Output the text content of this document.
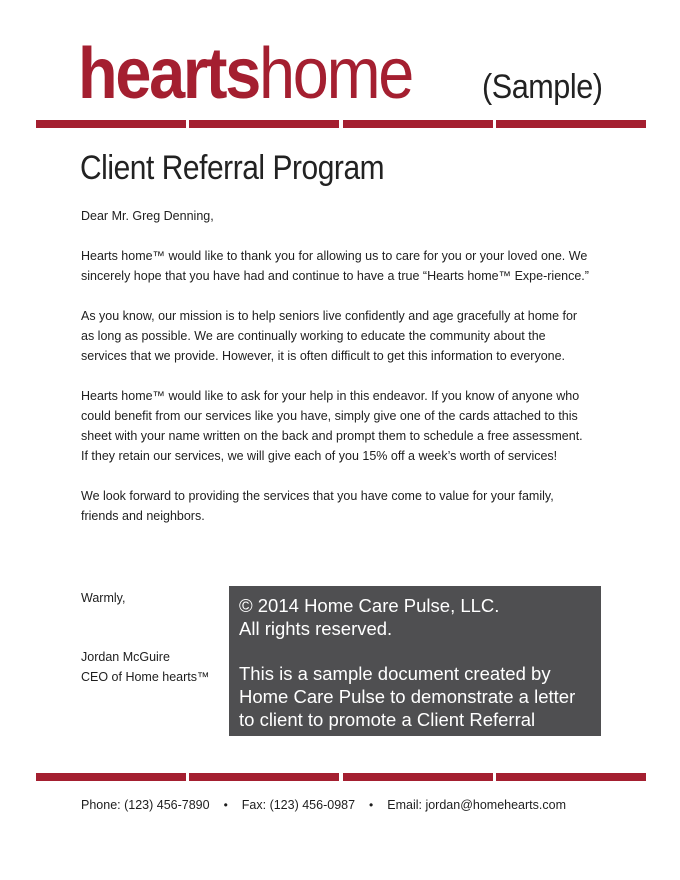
heartshome (Sample)
Client Referral Program

Dear Mr. Greg Denning,

Hearts home™ would like to thank you for allowing us to care for you or your loved one. We sincerely hope that you have had and continue to have a true “Hearts home™ Expe-rience.”

As you know, our mission is to help seniors live confidently and age gracefully at home for as long as possible. We are continually working to educate the community about the services that we provide. However, it is often difficult to get this information to everyone.

Hearts home™ would like to ask for your help in this endeavor. If you know of anyone who could benefit from our services like you have, simply give one of the cards attached to this sheet with your name written on the back and prompt them to schedule a free assessment. If they retain our services, we will give each of you 15% off a week’s worth of services!

We look forward to providing the services that you have come to value for your family, friends and neighbors.

Warmly,
Jordan McGuire
CEO of Home hearts™

© 2014 Home Care Pulse, LLC.

All rights reserved.

This is a sample document created by Home Care Pulse to demonstrate a letter to client to promote a Client Referral Program.

Phone: (123) 456-7890 • Fax: (123) 456-0987 • Email: jordan@homehearts.com
